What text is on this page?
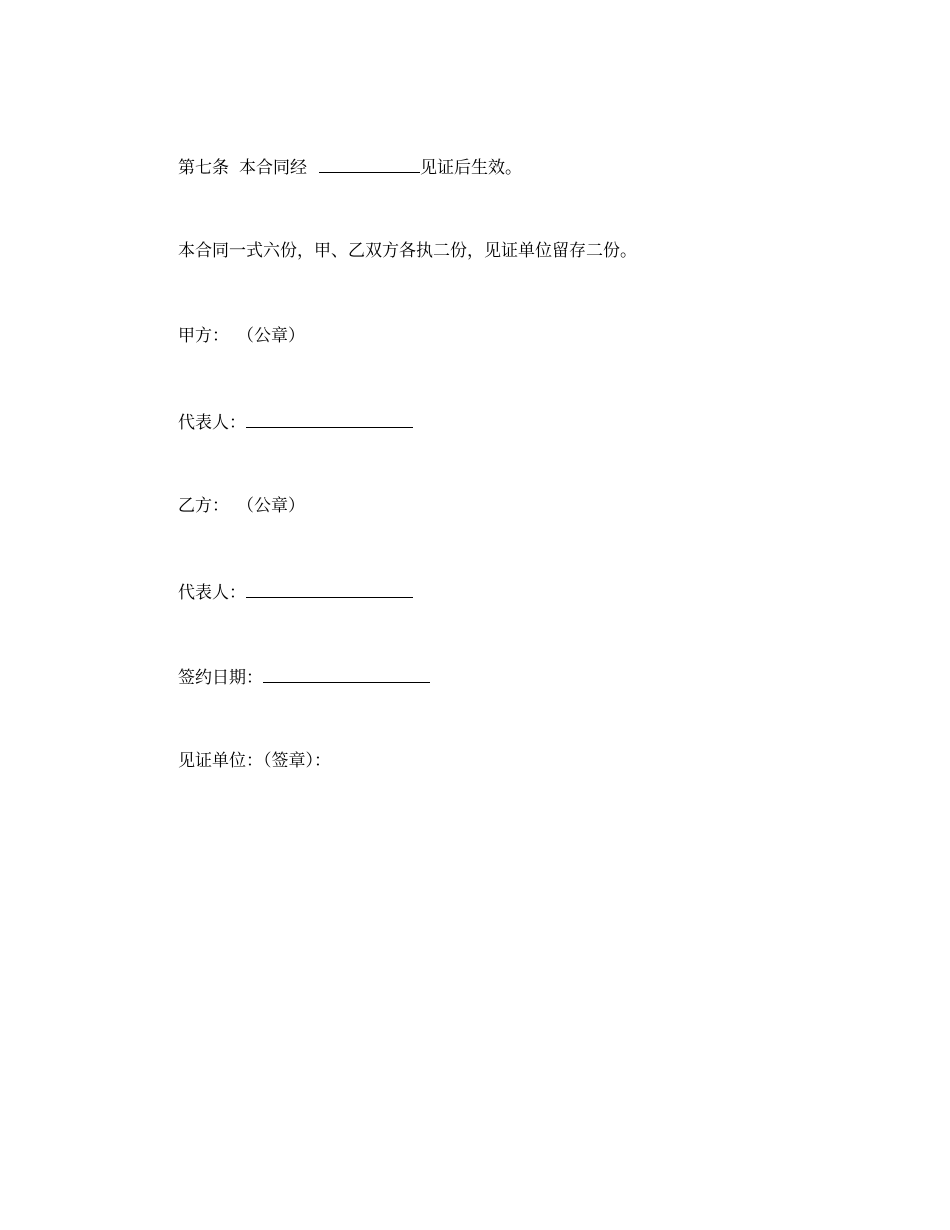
第七条 本合同经	见证后生效。
本合同一式六份，甲、乙双方各执二份，见证单位留存二份。
甲方： （公章）
代表人：
乙方： （公章）
代表人：
签约日期：
见证单位：（签章）：
